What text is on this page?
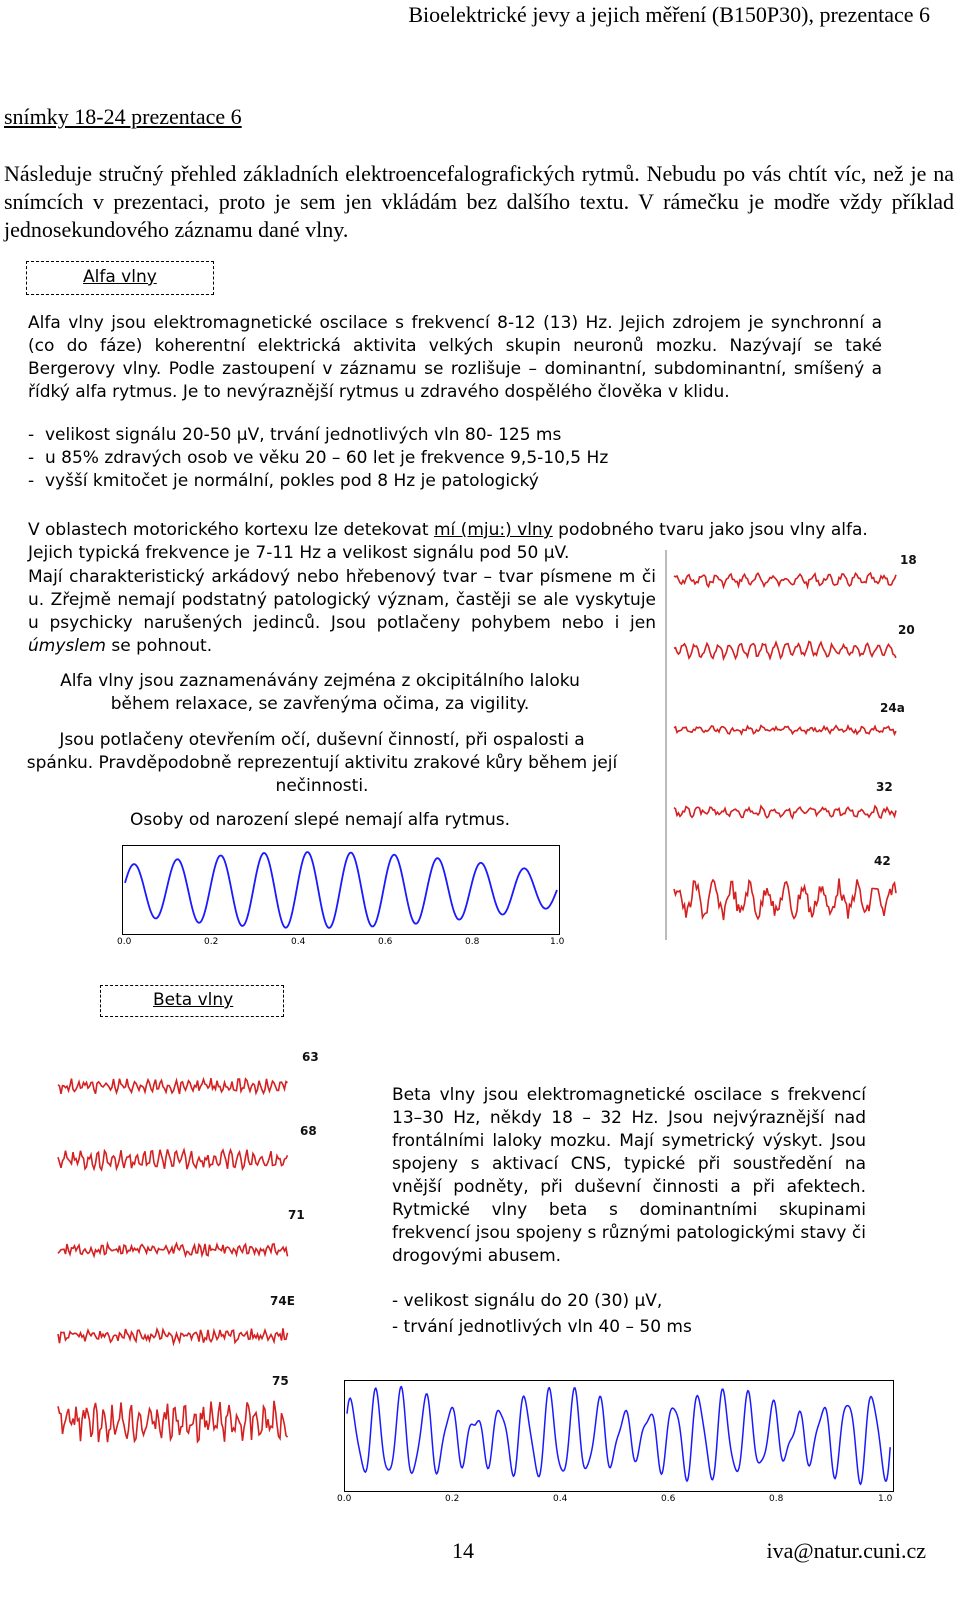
Bioelektrické jevy a jejich měření (B150P30), prezentace 6
snímky 18-24 prezentace 6
Následuje stručný přehled základních elektroencefalografických rytmů. Nebudu po vás chtít víc, než je na snímcích v prezentaci, proto je sem jen vkládám bez dalšího textu. V rámečku je modře vždy příklad jednosekundového záznamu dané vlny.
Alfa vlny
Alfa vlny jsou elektromagnetické oscilace s frekvencí 8-12 (13) Hz. Jejich zdrojem je synchronní a (co do fáze) koherentní elektrická aktivita velkých skupin neuronů mozku. Nazývají se také Bergerovy vlny. Podle zastoupení v záznamu se rozlišuje – dominantní, subdominantní, smíšený a řídký alfa rytmus. Je to nevýraznější rytmus u zdravého dospělého člověka v klidu.
-  velikost signálu 20-50 µV, trvání jednotlivých vln 80- 125 ms
-  u 85% zdravých osob ve věku 20 – 60 let je frekvence 9,5-10,5 Hz
-  vyšší kmitočet je normální, pokles pod 8 Hz je patologický
V oblastech motorického kortexu lze detekovat mí (mju:) vlny podobného tvaru jako jsou vlny alfa.
Jejich typická frekvence je 7-11 Hz a velikost signálu pod 50 µV.
Mají charakteristický arkádový nebo hřebenový tvar – tvar písmene m či u. Zřejmě nemají podstatný patologický význam, častěji se ale vyskytuje u psychicky narušených jedinců. Jsou potlačeny pohybem nebo i jen úmyslem se pohnout.
Alfa vlny jsou zaznamenávány zejména z okcipitálního laloku během relaxace, se zavřenýma očima, za vigility.
Jsou potlačeny otevřením očí, duševní činností, při ospalosti a spánku. Pravděpodobně reprezentují aktivitu zrakové kůry během její nečinnosti.
Osoby od narození slepé nemají alfa rytmus.
18
20
24a
32
42
0.0	0.2	0.4	0.6	0.8	1.0
Beta vlny
63
68
71
74E
75
Beta vlny jsou elektromagnetické oscilace s frekvencí 13–30 Hz, někdy 18 – 32 Hz. Jsou nejvýraznější nad frontálními laloky mozku. Mají symetrický výskyt. Jsou spojeny s aktivací CNS, typické při soustředění na vnější podněty, při duševní činnosti a při afektech. Rytmické vlny beta s dominantními skupinami frekvencí jsou spojeny s různými patologickými stavy či drogovými abusem.
- velikost signálu do 20 (30) µV,
- trvání jednotlivých vln 40 – 50 ms
0.0	0.2	0.4	0.6	0.8	1.0
14	iva@natur.cuni.cz
